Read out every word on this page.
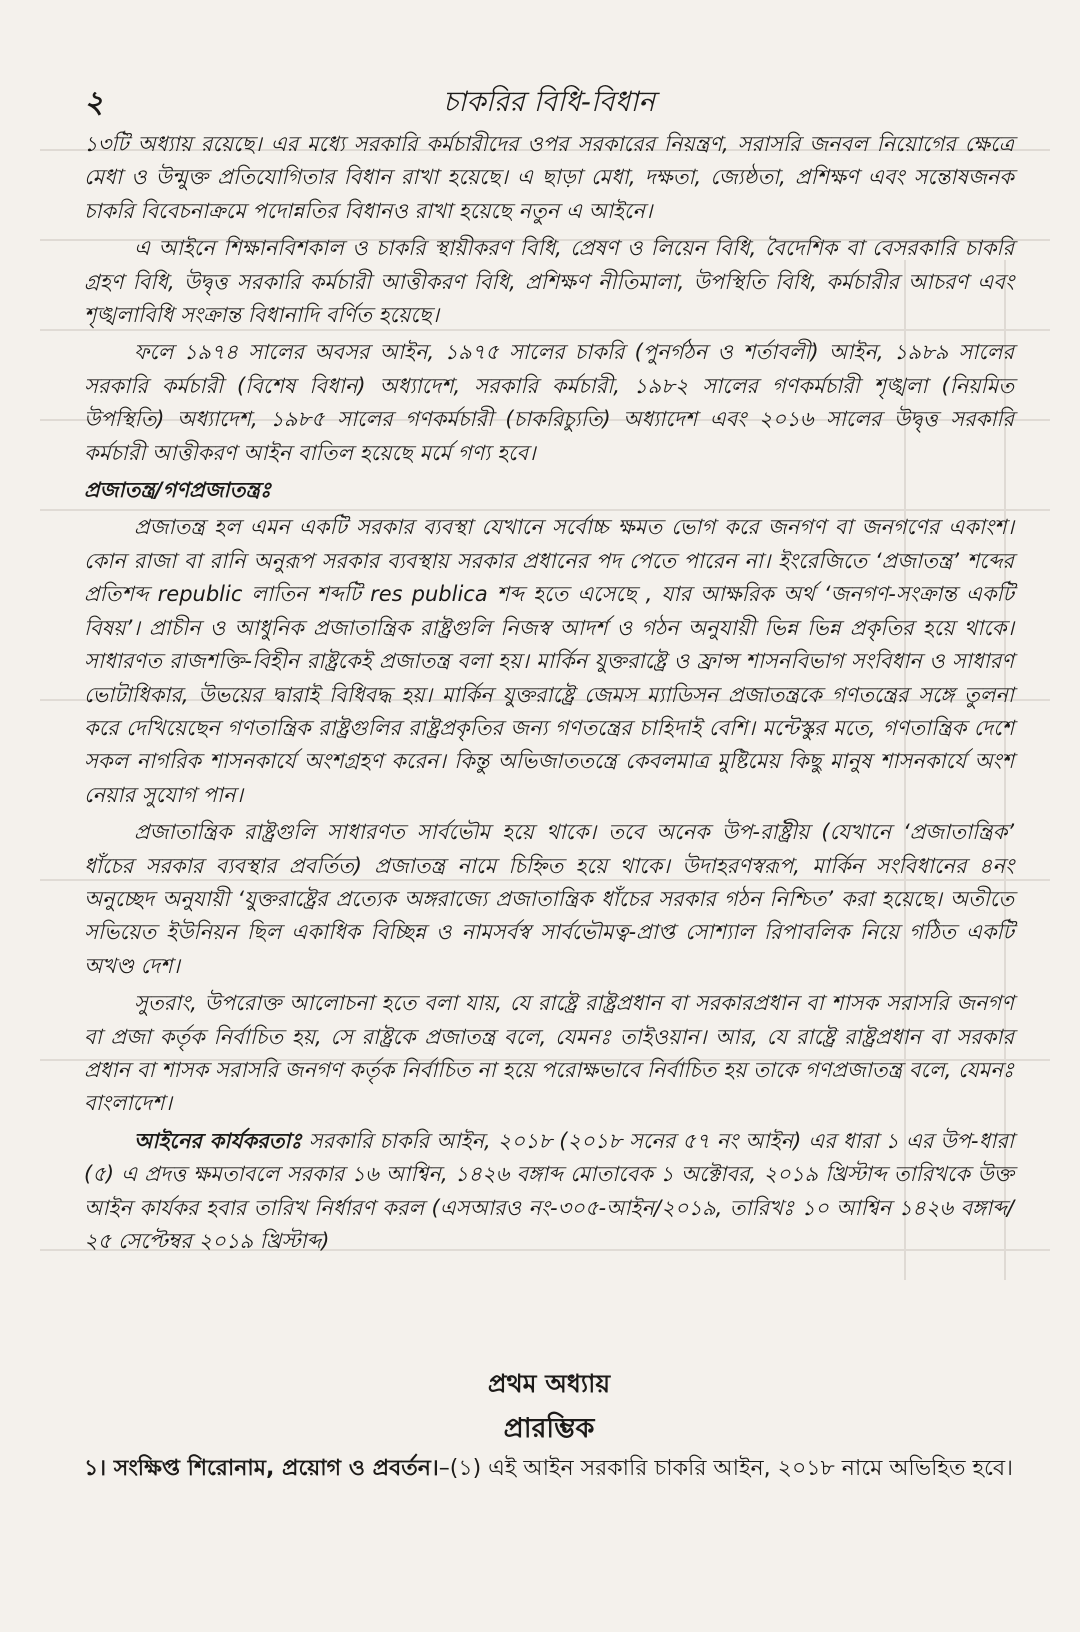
২	চাকরির বিধি-বিধান

১৩টি অধ্যায় রয়েছে। এর মধ্যে সরকারি কর্মচারীদের ওপর সরকারের নিয়ন্ত্রণ, সরাসরি জনবল নিয়োগের ক্ষেত্রে মেধা ও উন্মুক্ত প্রতিযোগিতার বিধান রাখা হয়েছে। এ ছাড়া মেধা, দক্ষতা, জ্যেষ্ঠতা, প্রশিক্ষণ এবং সন্তোষজনক চাকরি বিবেচনাক্রমে পদোন্নতির বিধানও রাখা হয়েছে নতুন এ আইনে।

এ আইনে শিক্ষানবিশকাল ও চাকরি স্থায়ীকরণ বিধি, প্রেষণ ও লিয়েন বিধি, বৈদেশিক বা বেসরকারি চাকরি গ্রহণ বিধি, উদ্বৃত্ত সরকারি কর্মচারী আত্তীকরণ বিধি, প্রশিক্ষণ নীতিমালা, উপস্থিতি বিধি, কর্মচারীর আচরণ এবং শৃঙ্খলাবিধি সংক্রান্ত বিধানাদি বর্ণিত হয়েছে।

ফলে ১৯৭৪ সালের অবসর আইন, ১৯৭৫ সালের চাকরি (পুনর্গঠন ও শর্তাবলী) আইন, ১৯৮৯ সালের সরকারি কর্মচারী (বিশেষ বিধান) অধ্যাদেশ, সরকারি কর্মচারী, ১৯৮২ সালের গণকর্মচারী শৃঙ্খলা (নিয়মিত উপস্থিতি) অধ্যাদেশ, ১৯৮৫ সালের গণকর্মচারী (চাকরিচ্যুতি) অধ্যাদেশ এবং ২০১৬ সালের উদ্বৃত্ত সরকারি কর্মচারী আত্তীকরণ আইন বাতিল হয়েছে মর্মে গণ্য হবে।

প্রজাতন্ত্র/গণপ্রজাতন্ত্রঃ

প্রজাতন্ত্র হল এমন একটি সরকার ব্যবস্থা যেখানে সর্বোচ্চ ক্ষমত ভোগ করে জনগণ বা জনগণের একাংশ। কোন রাজা বা রানি অনুরূপ সরকার ব্যবস্থায় সরকার প্রধানের পদ পেতে পারেন না। ইংরেজিতে ‘প্রজাতন্ত্র’ শব্দের প্রতিশব্দ republic লাতিন শব্দটি res publica শব্দ হতে এসেছে , যার আক্ষরিক অর্থ ‘জনগণ-সংক্রান্ত একটি বিষয়’। প্রাচীন ও আধুনিক প্রজাতান্ত্রিক রাষ্ট্রগুলি নিজস্ব আদর্শ ও গঠন অনুযায়ী ভিন্ন ভিন্ন প্রকৃতির হয়ে থাকে। সাধারণত রাজশক্তি-বিহীন রাষ্ট্রকেই প্রজাতন্ত্র বলা হয়। মার্কিন যুক্তরাষ্ট্রে ও ফ্রান্স শাসনবিভাগ সংবিধান ও সাধারণ ভোটাধিকার, উভয়ের দ্বারাই বিধিবদ্ধ হয়। মার্কিন যুক্তরাষ্ট্রে জেমস ম্যাডিসন প্রজাতন্ত্রকে গণতন্ত্রের সঙ্গে তুলনা করে দেখিয়েছেন গণতান্ত্রিক রাষ্ট্রগুলির রাষ্ট্রপ্রকৃতির জন্য গণতন্ত্রের চাহিদাই বেশি। মন্টেস্কুর মতে, গণতান্ত্রিক দেশে সকল নাগরিক শাসনকার্যে অংশগ্রহণ করেন। কিন্তু অভিজাততন্ত্রে কেবলমাত্র মুষ্টিমেয় কিছু মানুষ শাসনকার্যে অংশ নেয়ার সুযোগ পান।

প্রজাতান্ত্রিক রাষ্ট্রগুলি সাধারণত সার্বভৌম হয়ে থাকে। তবে অনেক উপ-রাষ্ট্রীয় (যেখানে ‘প্রজাতান্ত্রিক’ ধাঁচের সরকার ব্যবস্থার প্রবর্তিত) প্রজাতন্ত্র নামে চিহ্নিত হয়ে থাকে। উদাহরণস্বরূপ, মার্কিন সংবিধানের ৪নং অনুচ্ছেদ অনুযায়ী ‘যুক্তরাষ্ট্রের প্রত্যেক অঙ্গরাজ্যে প্রজাতান্ত্রিক ধাঁচের সরকার গঠন নিশ্চিত’ করা হয়েছে। অতীতে সভিয়েত ইউনিয়ন ছিল একাধিক বিচ্ছিন্ন ও নামসর্বস্ব সার্বভৌমত্ব-প্রাপ্ত সোশ্যাল রিপাবলিক নিয়ে গঠিত একটি অখণ্ড দেশ।

সুতরাং, উপরোক্ত আলোচনা হতে বলা যায়, যে রাষ্ট্রে রাষ্ট্রপ্রধান বা সরকারপ্রধান বা শাসক সরাসরি জনগণ বা প্রজা কর্তৃক নির্বাচিত হয়, সে রাষ্ট্রকে প্রজাতন্ত্র বলে, যেমনঃ তাইওয়ান। আর, যে রাষ্ট্রে রাষ্ট্রপ্রধান বা সরকার প্রধান বা শাসক সরাসরি জনগণ কর্তৃক নির্বাচিত না হয়ে পরোক্ষভাবে নির্বাচিত হয় তাকে গণপ্রজাতন্ত্র বলে, যেমনঃ বাংলাদেশ।

আইনের কার্যকরতাঃ সরকারি চাকরি আইন, ২০১৮ (২০১৮ সনের ৫৭ নং আইন) এর ধারা ১ এর উপ-ধারা (৫) এ প্রদত্ত ক্ষমতাবলে সরকার ১৬ আশ্বিন, ১৪২৬ বঙ্গাব্দ মোতাবেক ১ অক্টোবর, ২০১৯ খ্রিস্টাব্দ তারিখকে উক্ত আইন কার্যকর হবার তারিখ নির্ধারণ করল (এসআরও নং-৩০৫-আইন/২০১৯, তারিখঃ ১০ আশ্বিন ১৪২৬ বঙ্গাব্দ/২৫ সেপ্টেম্বর ২০১৯ খ্রিস্টাব্দ)

প্রথম অধ্যায়
প্রারম্ভিক
১। সংক্ষিপ্ত শিরোনাম, প্রয়োগ ও প্রবর্তন।–(১) এই আইন সরকারি চাকরি আইন, ২০১৮ নামে অভিহিত হবে।
